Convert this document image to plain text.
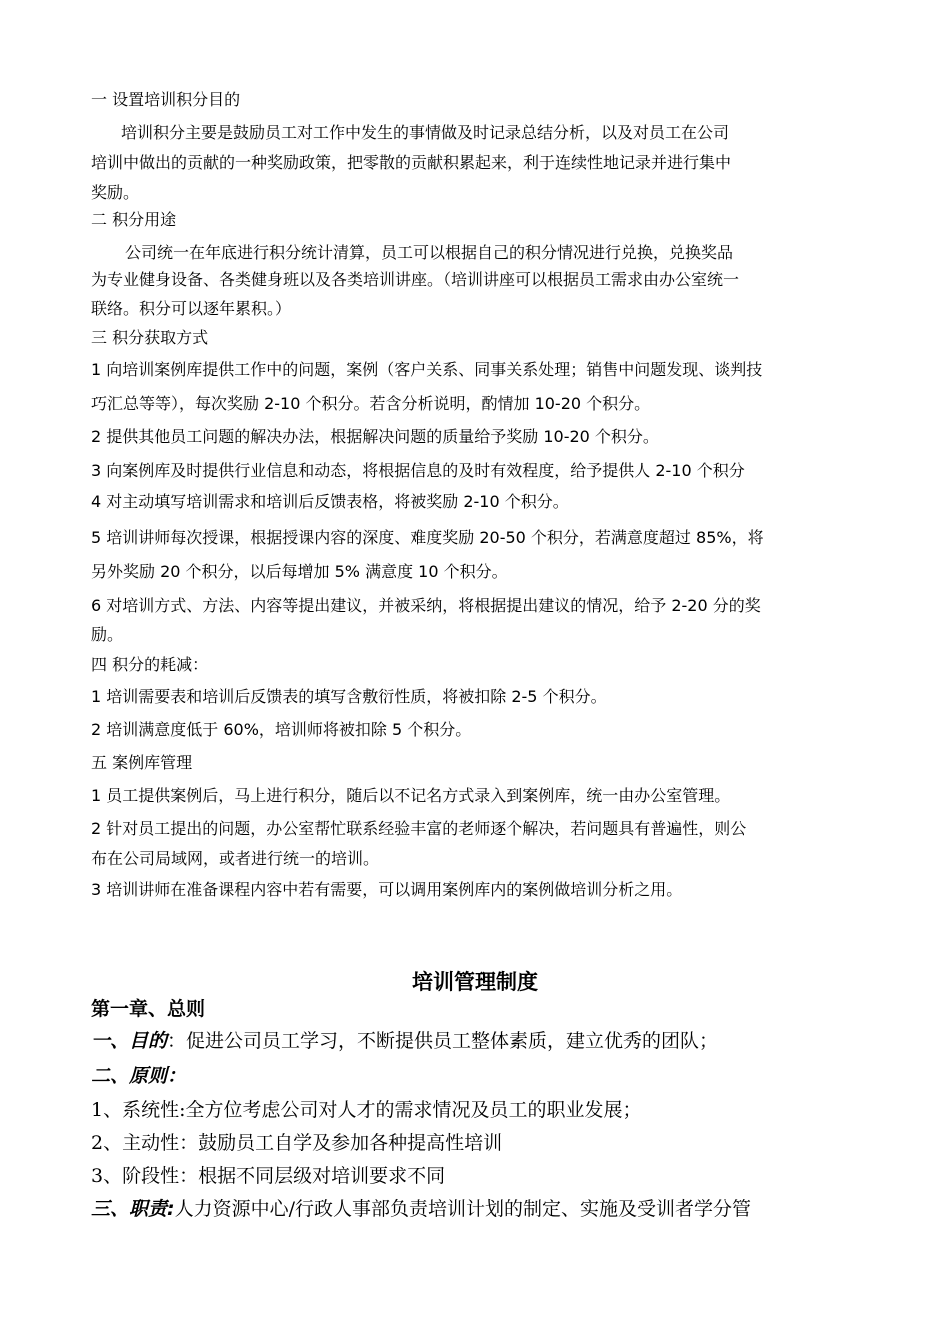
一 设置培训积分目的
培训积分主要是鼓励员工对工作中发生的事情做及时记录总结分析，以及对员工在公司
培训中做出的贡献的一种奖励政策，把零散的贡献积累起来，利于连续性地记录并进行集中
奖励。
二 积分用途
公司统一在年底进行积分统计清算，员工可以根据自己的积分情况进行兑换，兑换奖品
为专业健身设备、各类健身班以及各类培训讲座。（培训讲座可以根据员工需求由办公室统一
联络。积分可以逐年累积。）
三 积分获取方式
1 向培训案例库提供工作中的问题，案例（客户关系、同事关系处理；销售中问题发现、谈判技
巧汇总等等），每次奖励 2-10 个积分。若含分析说明，酌情加 10-20 个积分。
2 提供其他员工问题的解决办法，根据解决问题的质量给予奖励 10-20 个积分。
3 向案例库及时提供行业信息和动态，将根据信息的及时有效程度，给予提供人 2-10 个积分
4 对主动填写培训需求和培训后反馈表格，将被奖励 2-10 个积分。
5 培训讲师每次授课，根据授课内容的深度、难度奖励 20-50 个积分，若满意度超过 85%，将
另外奖励 20 个积分，以后每增加 5% 满意度 10 个积分。
6 对培训方式、方法、内容等提出建议，并被采纳，将根据提出建议的情况，给予 2-20 分的奖
励。
四 积分的耗减：
1 培训需要表和培训后反馈表的填写含敷衍性质，将被扣除 2-5 个积分。
2 培训满意度低于 60%，培训师将被扣除 5 个积分。
五 案例库管理
1 员工提供案例后，马上进行积分，随后以不记名方式录入到案例库，统一由办公室管理。
2 针对员工提出的问题，办公室帮忙联系经验丰富的老师逐个解决，若问题具有普遍性，则公
布在公司局域网，或者进行统一的培训。
3 培训讲师在准备课程内容中若有需要，可以调用案例库内的案例做培训分析之用。
培训管理制度
第一章、总则
一、目的：促进公司员工学习，不断提供员工整体素质，建立优秀的团队；
二、原则：
1、系统性:全方位考虑公司对人才的需求情况及员工的职业发展；
2、主动性：鼓励员工自学及参加各种提高性培训
3、阶段性：根据不同层级对培训要求不同
三、职责:人力资源中心/行政人事部负责培训计划的制定、实施及受训者学分管
